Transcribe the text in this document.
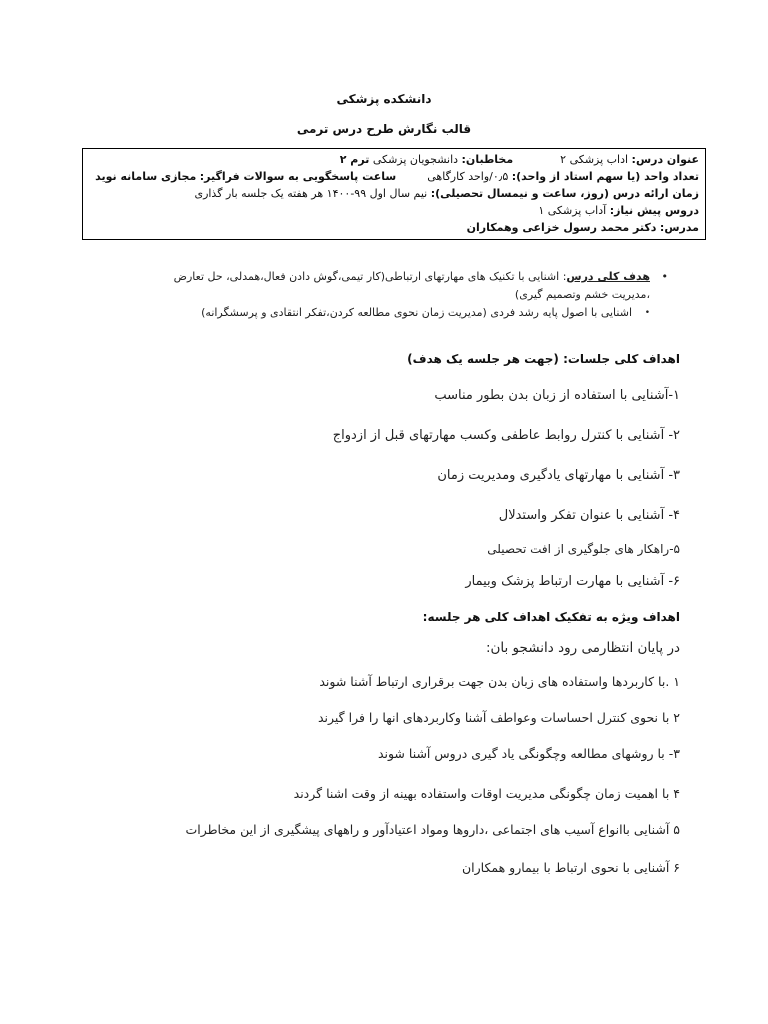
دانشکده پزشکی
قالب نگارش طرح درس ترمی
عنوان درس: اداب پزشکی ۲  مخاطبان: دانشجویان پزشکی ترم ۲
تعداد واحد (یا سهم استاد از واحد): ۰٫۵/واحد کارگاهی  ساعت پاسخگویی به سوالات فراگیر: مجازی سامانه نوید
زمان ارائه درس (روز، ساعت و نیمسال تحصیلی): نیم سال اول ۹۹-۱۴۰۰ هر هفته یک جلسه بار گذاری
دروس پیش نیاز: آداب پزشکی ۱
مدرس: دکتر محمد رسول خزاعی وهمکاران
•
هدف کلی درس: اشنایی با تکنیک های مهارتهای ارتباطی(کار تیمی،گوش دادن فعال،همدلی، حل تعارض
،مدیریت خشم وتصمیم گیری)
•
اشنایی با اصول پایه رشد فردی (مدیریت زمان نحوی مطالعه کردن،تفکر انتقادی و پرسشگرانه)
اهداف کلی جلسات: (جهت هر جلسه یک هدف)
۱-آشنایی با استفاده از زبان بدن بطور مناسب
۲- آشنایی با کنترل روابط عاطفی وکسب مهارتهای قبل از ازدواج
۳- آشنایی با مهارتهای یادگیری ومدیریت زمان
۴- آشنایی با عنوان تفکر واستدلال
۵-راهکار های جلوگیری از افت تحصیلی
۶- آشنایی با مهارت ارتباط پزشک وبیمار
اهداف ویژه به تفکیک اهداف کلی هر جلسه:
در پایان انتظارمی رود دانشجو بان:
۱ .با کاربردها واستفاده های زبان بدن جهت برقراری ارتباط آشنا شوند
۲ با نحوی کنترل احساسات وعواطف آشنا وکاربردهای انها را فرا گیرند
۳- با روشهای مطالعه وچگونگی یاد گیری دروس آشنا شوند
۴ با اهمیت زمان چگونگی مدیریت اوقات واستفاده بهینه از وقت اشنا گردند
۵ آشنایی باانواع آسیب های اجتماعی ،داروها ومواد اعتیادآور و راههای پیشگیری از این مخاطرات
۶ آشنایی با نحوی ارتباط با بیمارو همکاران
